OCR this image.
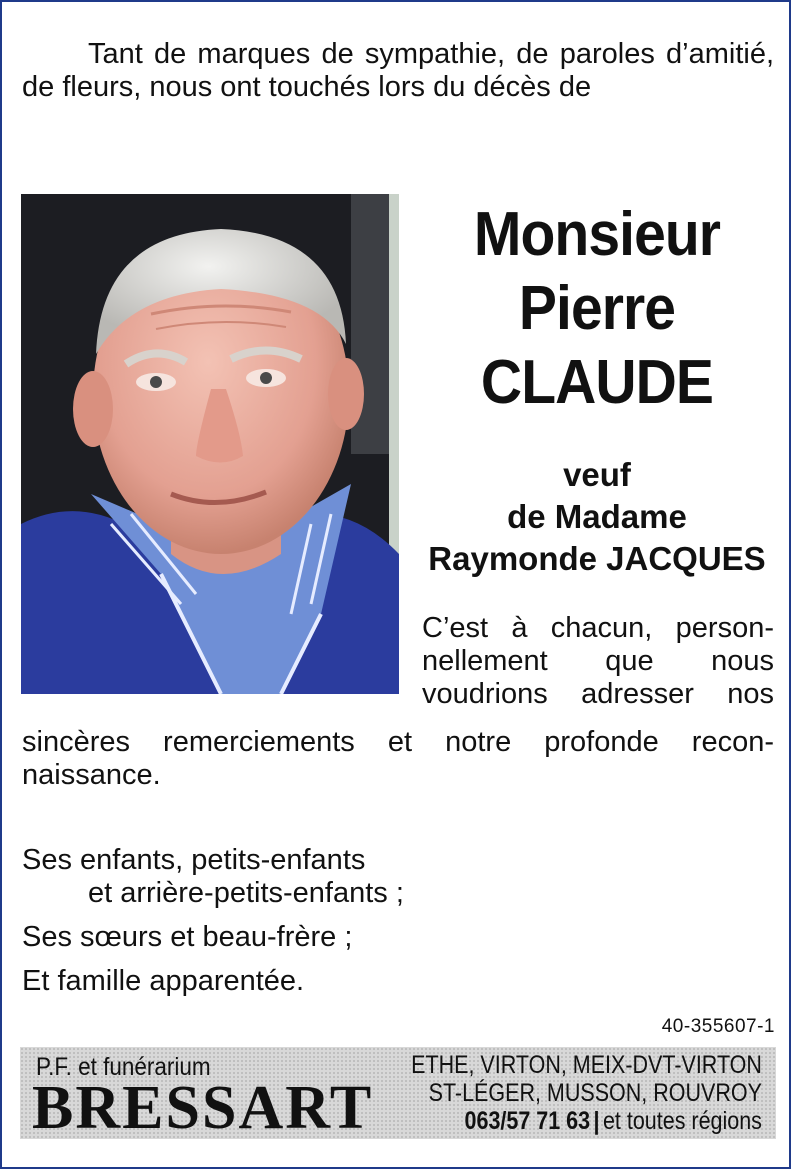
Tant de marques de sympathie, de paroles d’amitié, de fleurs, nous ont touchés lors du décès de
Monsieur
Pierre
CLAUDE
veuf
de Madame
Raymonde JACQUES
C’est à chacun, person-
nellement que nous
voudrions adresser nos
sincères remerciements et notre profonde recon-
naissance.
Ses enfants, petits-enfants
et arrière-petits-enfants ;
Ses sœurs et beau-frère ;
Et famille apparentée.
40-355607-1
P.F. et funérarium
BRESSART
ETHE, VIRTON, MEIX-DVT-VIRTON
ST-LÉGER, MUSSON, ROUVROY
063/57 71 63 | et toutes régions
